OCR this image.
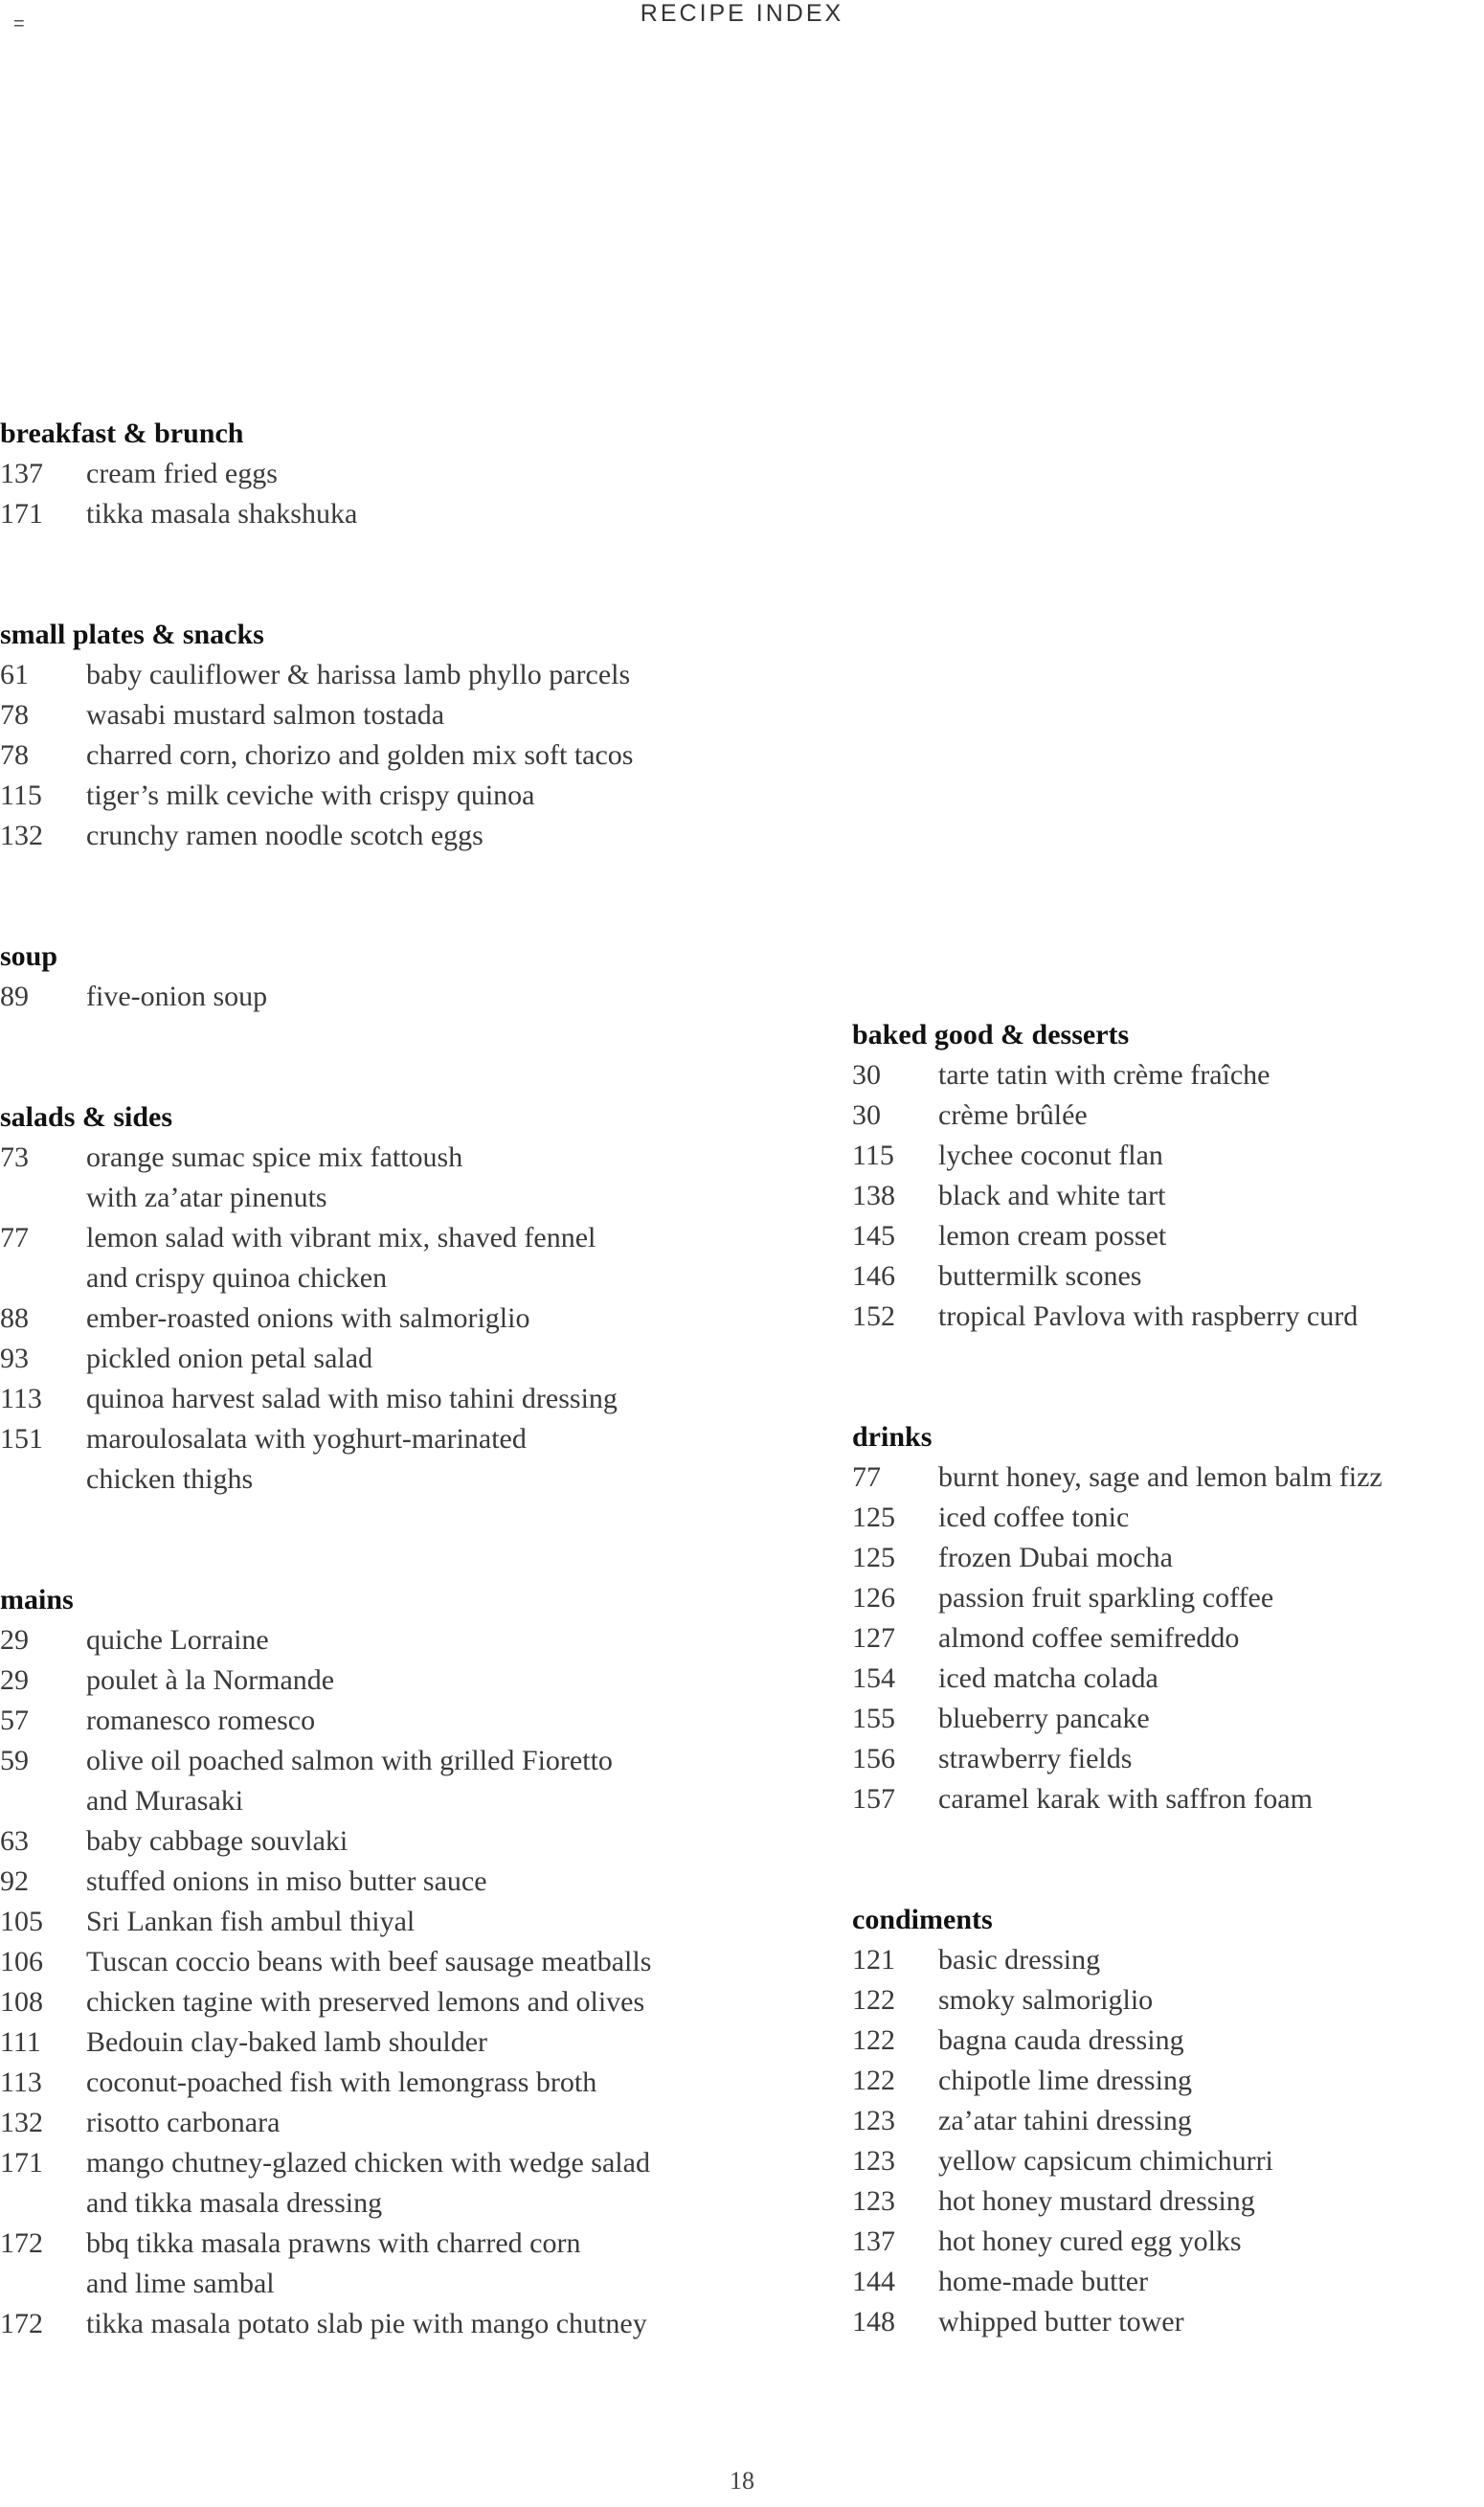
=	RECIPE INDEX
breakfast & brunch
137	cream fried eggs
171	tikka masala shakshuka
small plates & snacks
61	baby cauliflower & harissa lamb phyllo parcels
78	wasabi mustard salmon tostada
78	charred corn, chorizo and golden mix soft tacos
115	tiger’s milk ceviche with crispy quinoa
132	crunchy ramen noodle scotch eggs
soup
89	five-onion soup
salads & sides
73	orange sumac spice mix fattoush
with za’atar pinenuts
77	lemon salad with vibrant mix, shaved fennel
and crispy quinoa chicken
88	ember-roasted onions with salmoriglio
93	pickled onion petal salad
113	quinoa harvest salad with miso tahini dressing
151	maroulosalata with yoghurt-marinated
chicken thighs
mains
29	quiche Lorraine
29	poulet à la Normande
57	romanesco romesco
59	olive oil poached salmon with grilled Fioretto
and Murasaki
63	baby cabbage souvlaki
92	stuffed onions in miso butter sauce
105	Sri Lankan fish ambul thiyal
106	Tuscan coccio beans with beef sausage meatballs
108	chicken tagine with preserved lemons and olives
111	Bedouin clay-baked lamb shoulder
113	coconut-poached fish with lemongrass broth
132	risotto carbonara
171	mango chutney-glazed chicken with wedge salad
and tikka masala dressing
172	bbq tikka masala prawns with charred corn
and lime sambal
172	tikka masala potato slab pie with mango chutney
baked good & desserts
30	tarte tatin with crème fraîche
30	crème brûlée
115	lychee coconut flan
138	black and white tart
145	lemon cream posset
146	buttermilk scones
152	tropical Pavlova with raspberry curd
drinks
77	burnt honey, sage and lemon balm fizz
125	iced coffee tonic
125	frozen Dubai mocha
126	passion fruit sparkling coffee
127	almond coffee semifreddo
154	iced matcha colada
155	blueberry pancake
156	strawberry fields
157	caramel karak with saffron foam
condiments
121	basic dressing
122	smoky salmoriglio
122	bagna cauda dressing
122	chipotle lime dressing
123	za’atar tahini dressing
123	yellow capsicum chimichurri
123	hot honey mustard dressing
137	hot honey cured egg yolks
144	home-made butter
148	whipped butter tower
18
